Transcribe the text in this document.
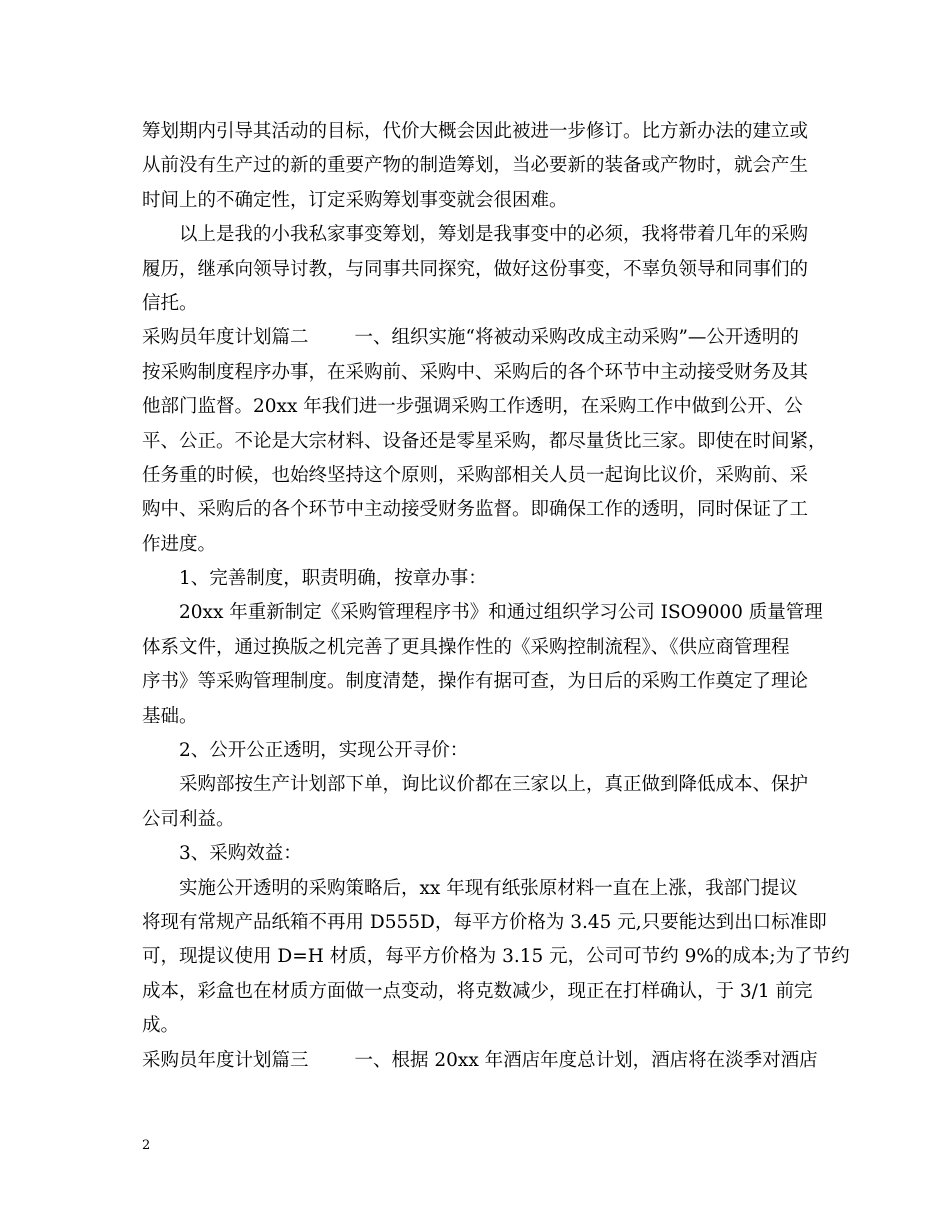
筹划期内引导其活动的目标，代价大概会因此被进一步修订。比方新办法的建立或
从前没有生产过的新的重要产物的制造筹划，当必要新的装备或产物时，就会产生
时间上的不确定性，订定采购筹划事变就会很困难。
以上是我的小我私家事变筹划，筹划是我事变中的必须，我将带着几年的采购
履历，继承向领导讨教，与同事共同探究，做好这份事变，不辜负领导和同事们的
信托。
采购员年度计划篇二 一、组织实施“将被动采购改成主动采购”—公开透明的
按采购制度程序办事，在采购前、采购中、采购后的各个环节中主动接受财务及其
他部门监督。20xx 年我们进一步强调采购工作透明，在采购工作中做到公开、公
平、公正。不论是大宗材料、设备还是零星采购，都尽量货比三家。即使在时间紧，
任务重的时候，也始终坚持这个原则，采购部相关人员一起询比议价，采购前、采
购中、采购后的各个环节中主动接受财务监督。即确保工作的透明，同时保证了工
作进度。
1、完善制度，职责明确，按章办事：
20xx 年重新制定《采购管理程序书》和通过组织学习公司 ISO9000 质量管理
体系文件，通过换版之机完善了更具操作性的《采购控制流程》、《供应商管理程
序书》等采购管理制度。制度清楚，操作有据可查，为日后的采购工作奠定了理论
基础。
2、公开公正透明，实现公开寻价：
采购部按生产计划部下单，询比议价都在三家以上，真正做到降低成本、保护
公司利益。
3、采购效益：
实施公开透明的采购策略后，xx 年现有纸张原材料一直在上涨，我部门提议
将现有常规产品纸箱不再用 D555D，每平方价格为 3.45 元,只要能达到出口标准即
可，现提议使用 D=H 材质，每平方价格为 3.15 元，公司可节约 9%的成本;为了节约
成本，彩盒也在材质方面做一点变动，将克数减少，现正在打样确认，于 3/1 前完
成。
采购员年度计划篇三 一、根据 20xx 年酒店年度总计划，酒店将在淡季对酒店
2
